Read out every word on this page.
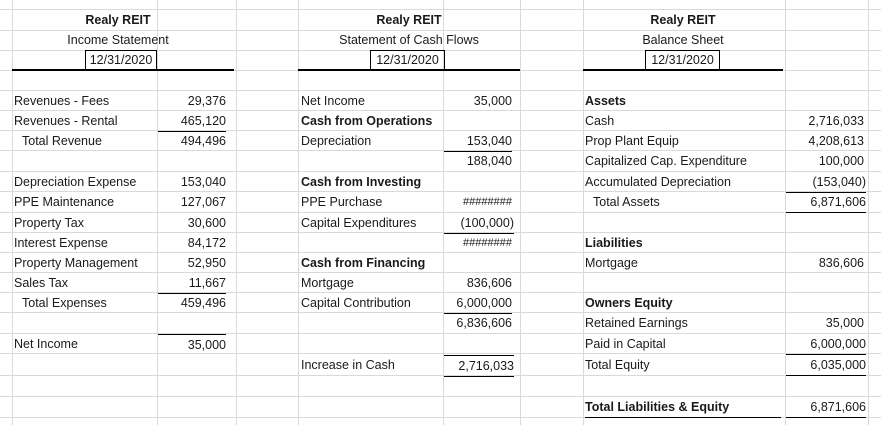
Realy REIT
Income Statement
12/31/2020
Realy REIT
Statement of Cash Flows
12/31/2020
Realy REIT
Balance Sheet
12/31/2020
Revenues - Fees	29,376
Revenues - Rental	465,120
Total Revenue	494,496
Depreciation Expense	153,040
PPE Maintenance	127,067
Property Tax	30,600
Interest Expense	84,172
Property Management	52,950
Sales Tax	11,667
Total Expenses	459,496
Net Income	35,000
Net Income	35,000
Cash from Operations
Depreciation	153,040
188,040
Cash from Investing
PPE Purchase	########
Capital Expenditures	(100,000)
########
Cash from Financing
Mortgage	836,606
Capital Contribution	6,000,000
6,836,606
Increase in Cash	2,716,033
Assets
Cash	2,716,033
Prop Plant Equip	4,208,613
Capitalized Cap. Expenditure	100,000
Accumulated Depreciation	(153,040)
Total Assets	6,871,606
Liabilities
Mortgage	836,606
Owners Equity
Retained Earnings	35,000
Paid in Capital	6,000,000
Total Equity	6,035,000
Total Liabilities & Equity	6,871,606
